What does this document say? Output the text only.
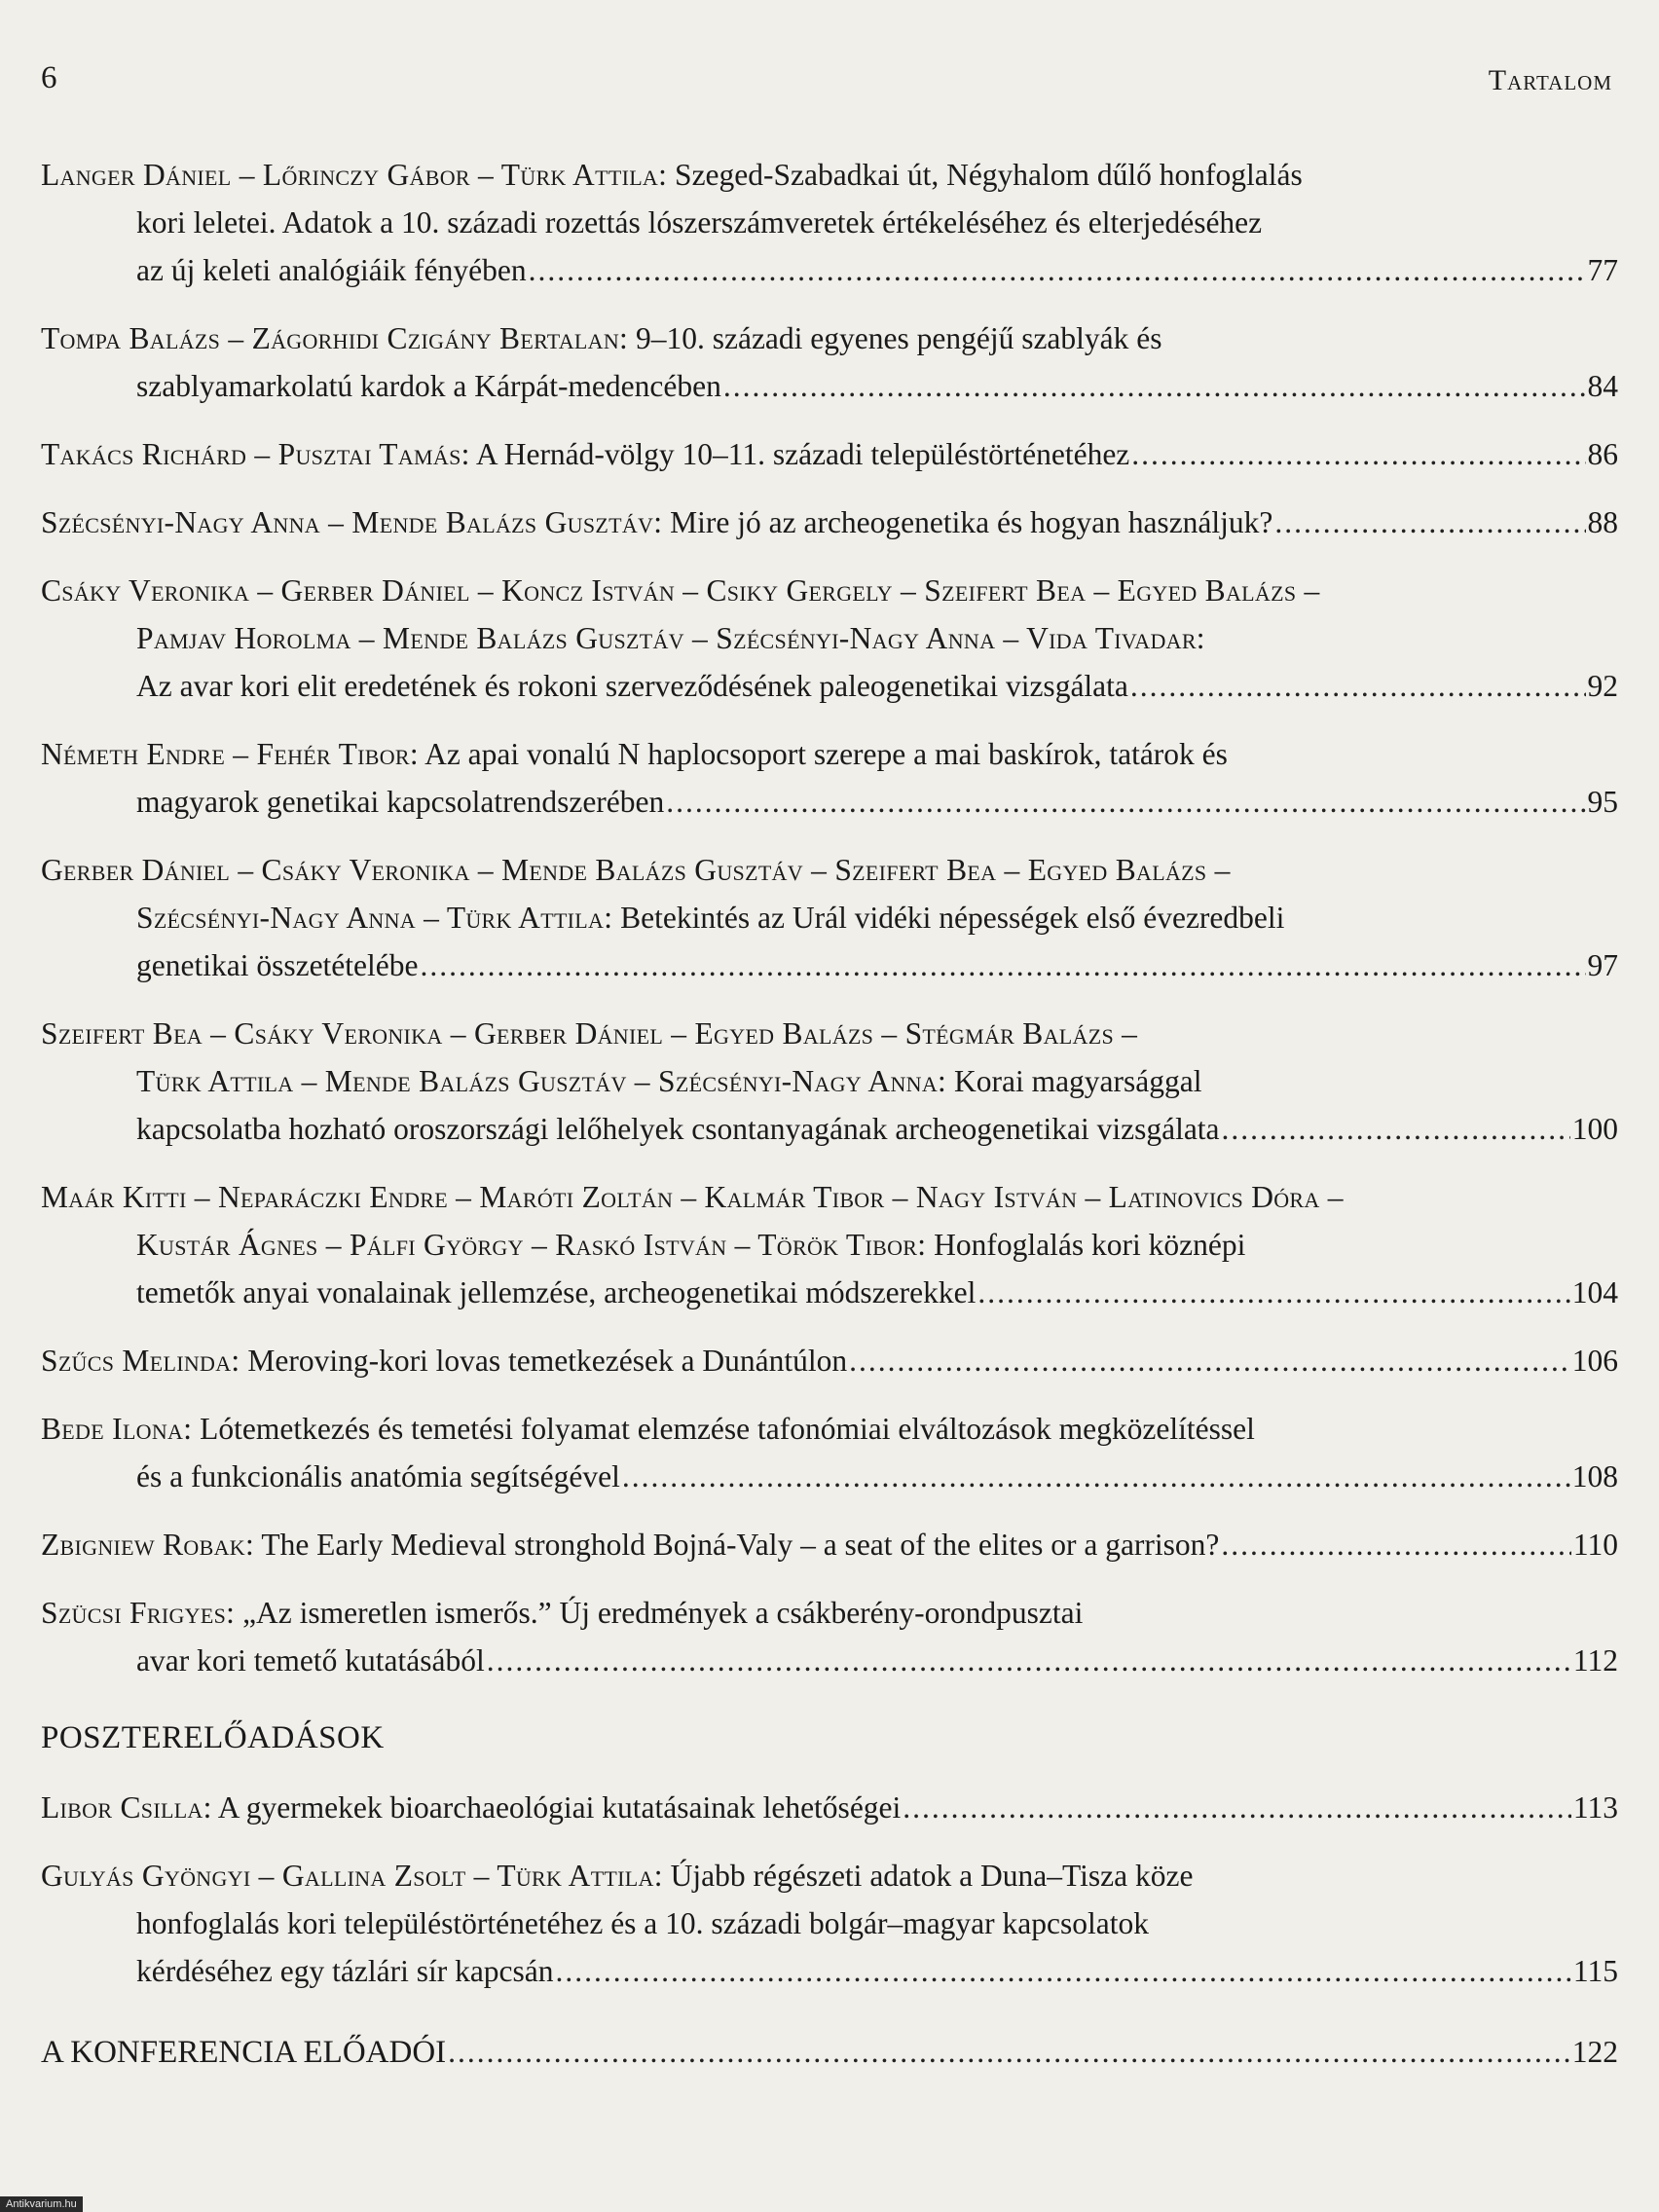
6	Tartalom
Langer Dániel – Lőrinczy Gábor – Türk Attila: Szeged-Szabadkai út, Négyhalom dűlő honfoglalás
kori leletei. Adatok a 10. századi rozettás lószerszámveretek értékeléséhez és elterjedéséhez
az új keleti analógiáik fényében .....	77
Tompa Balázs – Zágorhidi Czigány Bertalan: 9–10. századi egyenes pengéjű szablyák és
szablyamarkolatú kardok a Kárpát-medencében .....	84
Takács Richárd – Pusztai Tamás: A Hernád-völgy 10–11. századi településtörténetéhez .....	86
Szécsényi-Nagy Anna – Mende Balázs Gusztáv: Mire jó az archeogenetika és hogyan használjuk? .....	88
Csáky Veronika – Gerber Dániel – Koncz István – Csiky Gergely – Szeifert Bea – Egyed Balázs –
Pamjav Horolma – Mende Balázs Gusztáv – Szécsényi-Nagy Anna – Vida Tivadar:
Az avar kori elit eredetének és rokoni szerveződésének paleogenetikai vizsgálata .....	92
Németh Endre – Fehér Tibor: Az apai vonalú N haplocsoport szerepe a mai baskírok, tatárok és
magyarok genetikai kapcsolatrendszerében .....	95
Gerber Dániel – Csáky Veronika – Mende Balázs Gusztáv – Szeifert Bea – Egyed Balázs –
Szécsényi-Nagy Anna – Türk Attila: Betekintés az Urál vidéki népességek első évezredbeli
genetikai összetételébe .....	97
Szeifert Bea – Csáky Veronika – Gerber Dániel – Egyed Balázs – Stégmár Balázs –
Türk Attila – Mende Balázs Gusztáv – Szécsényi-Nagy Anna: Korai magyarsággal
kapcsolatba hozható oroszországi lelőhelyek csontanyagának archeogenetikai vizsgálata .....	100
Maár Kitti – Neparáczki Endre – Maróti Zoltán – Kalmár Tibor – Nagy István – Latinovics Dóra –
Kustár Ágnes – Pálfi György – Raskó István – Török Tibor: Honfoglalás kori köznépi
temetők anyai vonalainak jellemzése, archeogenetikai módszerekkel .....	104
Szűcs Melinda: Meroving-kori lovas temetkezések a Dunántúlon .....	106
Bede Ilona: Lótemetkezés és temetési folyamat elemzése tafonómiai elváltozások megközelítéssel
és a funkcionális anatómia segítségével .....	108
Zbigniew Robak: The Early Medieval stronghold Bojná-Valy – a seat of the elites or a garrison? .....	110
Szücsi Frigyes: „Az ismeretlen ismerős.” Új eredmények a csákberény-orondpusztai
avar kori temető kutatásából .....	112
POSZTERELŐADÁSOK
Libor Csilla: A gyermekek bioarchaeológiai kutatásainak lehetőségei .....	113
Gulyás Gyöngyi – Gallina Zsolt – Türk Attila: Újabb régészeti adatok a Duna–Tisza köze
honfoglalás kori településtörténetéhez és a 10. századi bolgár–magyar kapcsolatok
kérdéséhez egy tázlári sír kapcsán .....	115
A KONFERENCIA ELŐADÓI .....	122
Antikvarium.hu
